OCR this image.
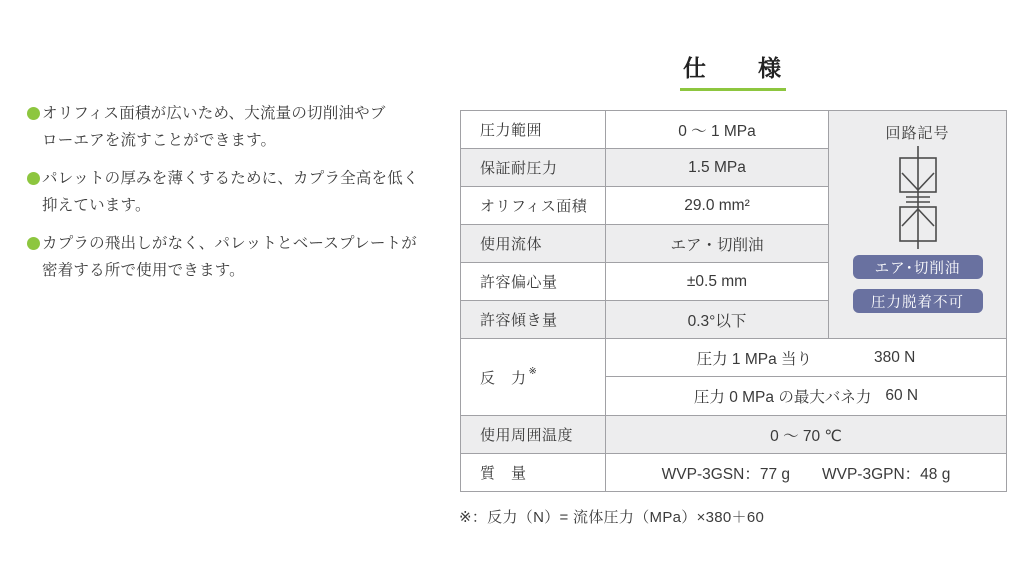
オリフィス面積が広いため、大流量の切削油やブ
ローエアを流すことができます。
パレットの厚みを薄くするために、カプラ全高を低く
抑えています。
カプラの飛出しがなく、パレットとベースプレートが
密着する所で使用できます。
仕　　様
圧力範囲	0 ～ 1 MPa	回路記号
エア･切削油
圧力脱着不可

保証耐圧力	1.5 MPa	
オリフィス面積	29.0 mm²	
使用流体	エア・切削油	
許容偏心量	±0.5 mm	
許容傾き量	0.3°以下	
反　力 ※	圧力 1 MPa 当り 380 N	

	圧力 0 MPa の最大バネ力 60 N	

使用周囲温度	0 ～ 70 ℃	
質　量	WVP-3GSN：77 g WVP-3GPN：48 g	
※：反力（N）= 流体圧力（MPa）×380＋60
